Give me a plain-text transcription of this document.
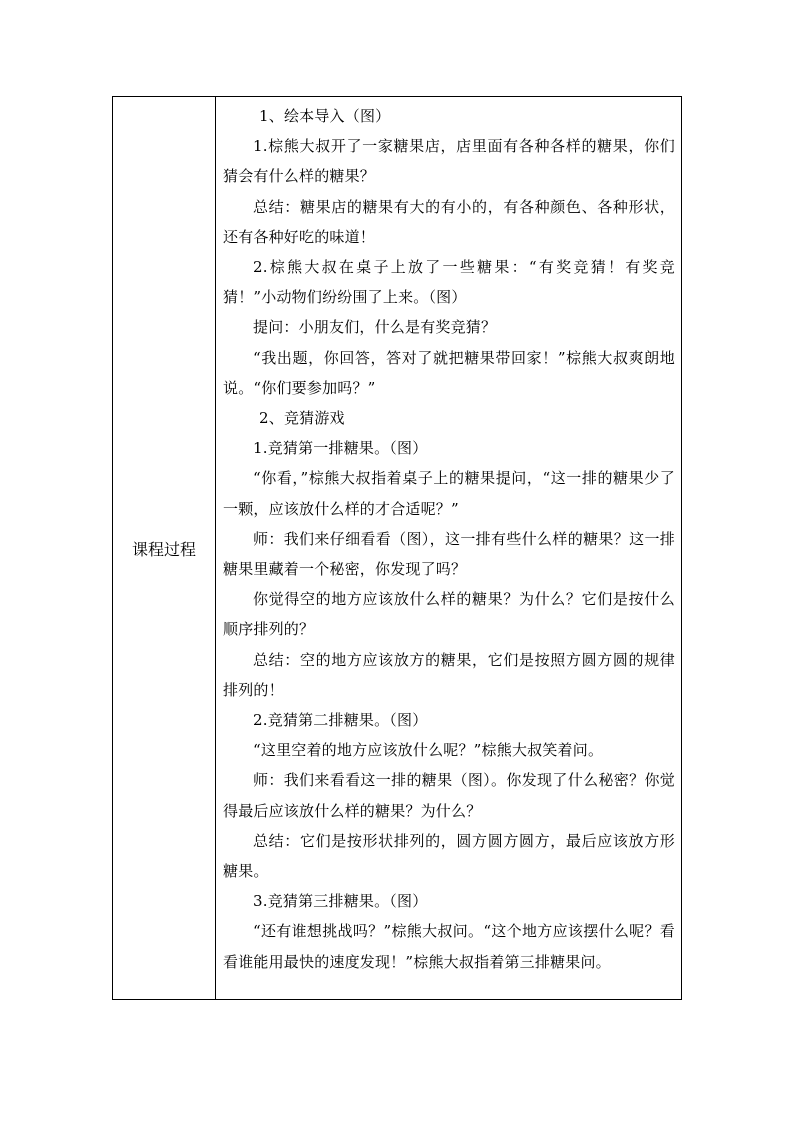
课程过程	

1、绘本导入（图）

1.棕熊大叔开了一家糖果店，店里面有各种各样的糖果，你们猜会有什么样的糖果？

总结：糖果店的糖果有大的有小的，有各种颜色、各种形状，还有各种好吃的味道！

2.棕熊大叔在桌子上放了一些糖果：“有奖竞猜！有奖竞猜！”小动物们纷纷围了上来。（图）

提问：小朋友们，什么是有奖竞猜？

“我出题，你回答，答对了就把糖果带回家！”棕熊大叔爽朗地说。“你们要参加吗？”

2、竞猜游戏

1.竞猜第一排糖果。（图）

“你看，”棕熊大叔指着桌子上的糖果提问，“这一排的糖果少了一颗，应该放什么样的才合适呢？”

师：我们来仔细看看（图），这一排有些什么样的糖果？这一排糖果里藏着一个秘密，你发现了吗？

你觉得空的地方应该放什么样的糖果？为什么？它们是按什么顺序排列的？

总结：空的地方应该放方的糖果，它们是按照方圆方圆的规律排列的！

2.竞猜第二排糖果。（图）

“这里空着的地方应该放什么呢？”棕熊大叔笑着问。

师：我们来看看这一排的糖果（图）。你发现了什么秘密？你觉得最后应该放什么样的糖果？为什么？

总结：它们是按形状排列的，圆方圆方圆方，最后应该放方形糖果。

3.竞猜第三排糖果。（图）

“还有谁想挑战吗？”棕熊大叔问。“这个地方应该摆什么呢？看看谁能用最快的速度发现！”棕熊大叔指着第三排糖果问。
